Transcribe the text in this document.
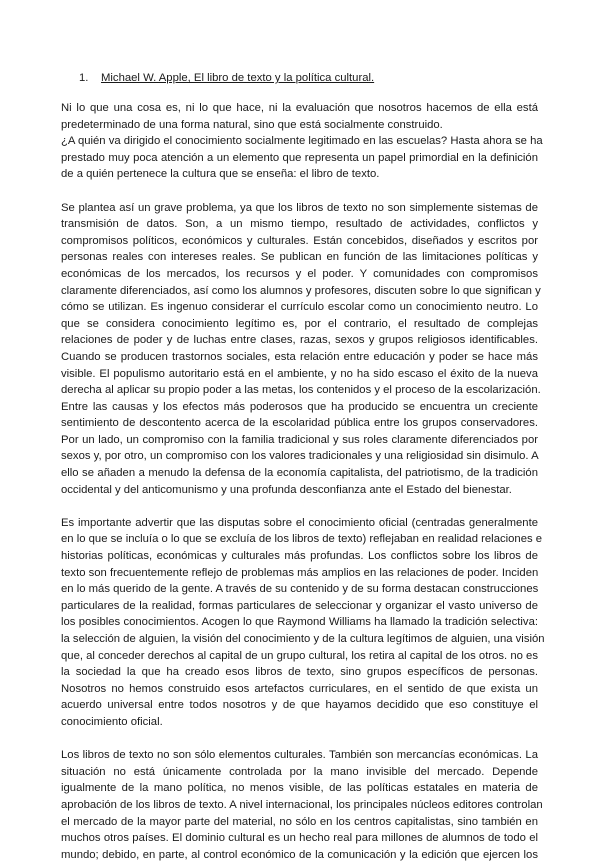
1.	Michael W. Apple, El libro de texto y la política cultural.
Ni lo que una cosa es, ni lo que hace, ni la evaluación que nosotros hacemos de ella está
predeterminado de una forma natural, sino que está socialmente construido.
¿A quién va dirigido el conocimiento socialmente legitimado en las escuelas? Hasta ahora se ha
prestado muy poca atención a un elemento que representa un papel primordial en la definición
de a quién pertenece la cultura que se enseña: el libro de texto.
Se plantea así un grave problema, ya que los libros de texto no son simplemente sistemas de
transmisión de datos. Son, a un mismo tiempo, resultado de actividades, conflictos y
compromisos políticos, económicos y culturales. Están concebidos, diseñados y escritos por
personas reales con intereses reales. Se publican en función de las limitaciones políticas y
económicas de los mercados, los recursos y el poder. Y comunidades con compromisos
claramente diferenciados, así como los alumnos y profesores, discuten sobre lo que significan y
cómo se utilizan. Es ingenuo considerar el currículo escolar como un conocimiento neutro. Lo
que se considera conocimiento legítimo es, por el contrario, el resultado de complejas
relaciones de poder y de luchas entre clases, razas, sexos y grupos religiosos identificables.
Cuando se producen trastornos sociales, esta relación entre educación y poder se hace más
visible. El populismo autoritario está en el ambiente, y no ha sido escaso el éxito de la nueva
derecha al aplicar su propio poder a las metas, los contenidos y el proceso de la escolarización.
Entre las causas y los efectos más poderosos que ha producido se encuentra un creciente
sentimiento de descontento acerca de la escolaridad pública entre los grupos conservadores.
Por un lado, un compromiso con la familia tradicional y sus roles claramente diferenciados por
sexos y, por otro, un compromiso con los valores tradicionales y una religiosidad sin disimulo. A
ello se añaden a menudo la defensa de la economía capitalista, del patriotismo, de la tradición
occidental y del anticomunismo y una profunda desconfianza ante el Estado del bienestar.
Es importante advertir que las disputas sobre el conocimiento oficial (centradas generalmente
en lo que se incluía o lo que se excluía de los libros de texto) reflejaban en realidad relaciones e
historias políticas, económicas y culturales más profundas. Los conflictos sobre los libros de
texto son frecuentemente reflejo de problemas más amplios en las relaciones de poder. Inciden
en lo más querido de la gente. A través de su contenido y de su forma destacan construcciones
particulares de la realidad, formas particulares de seleccionar y organizar el vasto universo de
los posibles conocimientos. Acogen lo que Raymond Williams ha llamado la tradición selectiva:
la selección de alguien, la visión del conocimiento y de la cultura legítimos de alguien, una visión
que, al conceder derechos al capital de un grupo cultural, los retira al capital de los otros. no es
la sociedad la que ha creado esos libros de texto, sino grupos específicos de personas.
Nosotros no hemos construido esos artefactos curriculares, en el sentido de que exista un
acuerdo universal entre todos nosotros y de que hayamos decidido que eso constituye el
conocimiento oficial.
Los libros de texto no son sólo elementos culturales. También son mercancías económicas. La
situación no está únicamente controlada por la mano invisible del mercado. Depende
igualmente de la mano política, no menos visible, de las políticas estatales en materia de
aprobación de los libros de texto. A nivel internacional, los principales núcleos editores controlan
el mercado de la mayor parte del material, no sólo en los centros capitalistas, sino también en
muchos otros países. El dominio cultural es un hecho real para millones de alumnos de todo el
mundo; debido, en parte, al control económico de la comunicación y la edición que ejercen los
